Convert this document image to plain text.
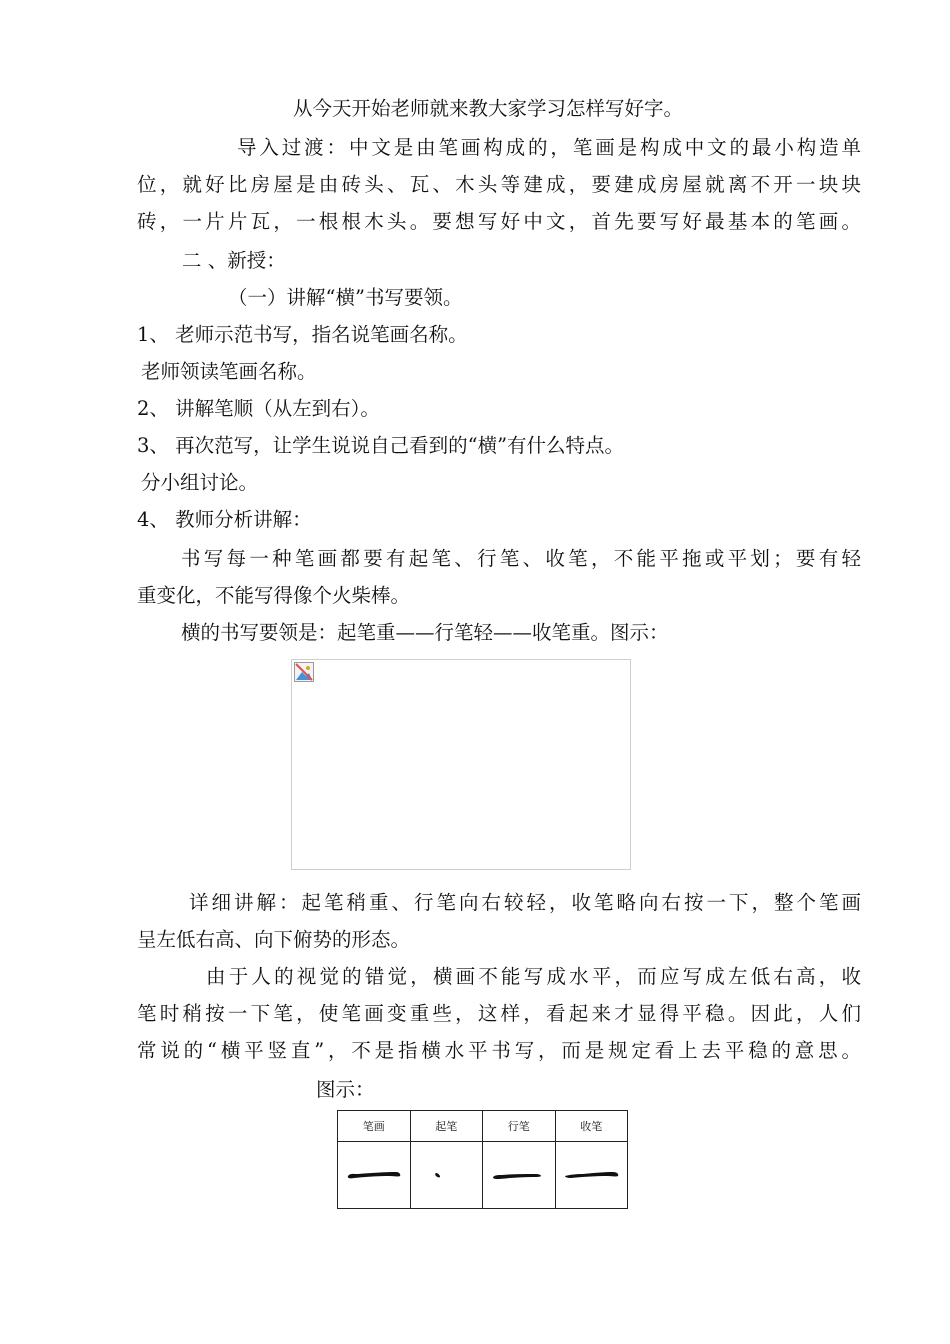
从今天开始老师就来教大家学习怎样写好字。
导入过渡：中文是由笔画构成的，笔画是构成中文的最小构造单
位，就好比房屋是由砖头、瓦、木头等建成，要建成房屋就离不开一块块
砖，一片片瓦，一根根木头。要想写好中文，首先要写好最基本的笔画。
二 、新授：
（一）讲解“横”书写要领。
1、 老师示范书写，指名说笔画名称。
老师领读笔画名称。
2、 讲解笔顺（从左到右）。
3、 再次范写，让学生说说自己看到的“横”有什么特点。
分小组讨论。
4、 教师分析讲解：
书写每一种笔画都要有起笔、行笔、收笔，不能平拖或平划；要有轻
重变化，不能写得像个火柴棒。
横的书写要领是：起笔重——行笔轻——收笔重。图示：
详细讲解：起笔稍重、行笔向右较轻，收笔略向右按一下，整个笔画
呈左低右高、向下俯势的形态。
由于人的视觉的错觉，横画不能写成水平，而应写成左低右高，收
笔时稍按一下笔，使笔画变重些，这样，看起来才显得平稳。因此，人们
常说的“横平竖直”，不是指横水平书写，而是规定看上去平稳的意思。
图示：
笔画	起笔	行笔	收笔
